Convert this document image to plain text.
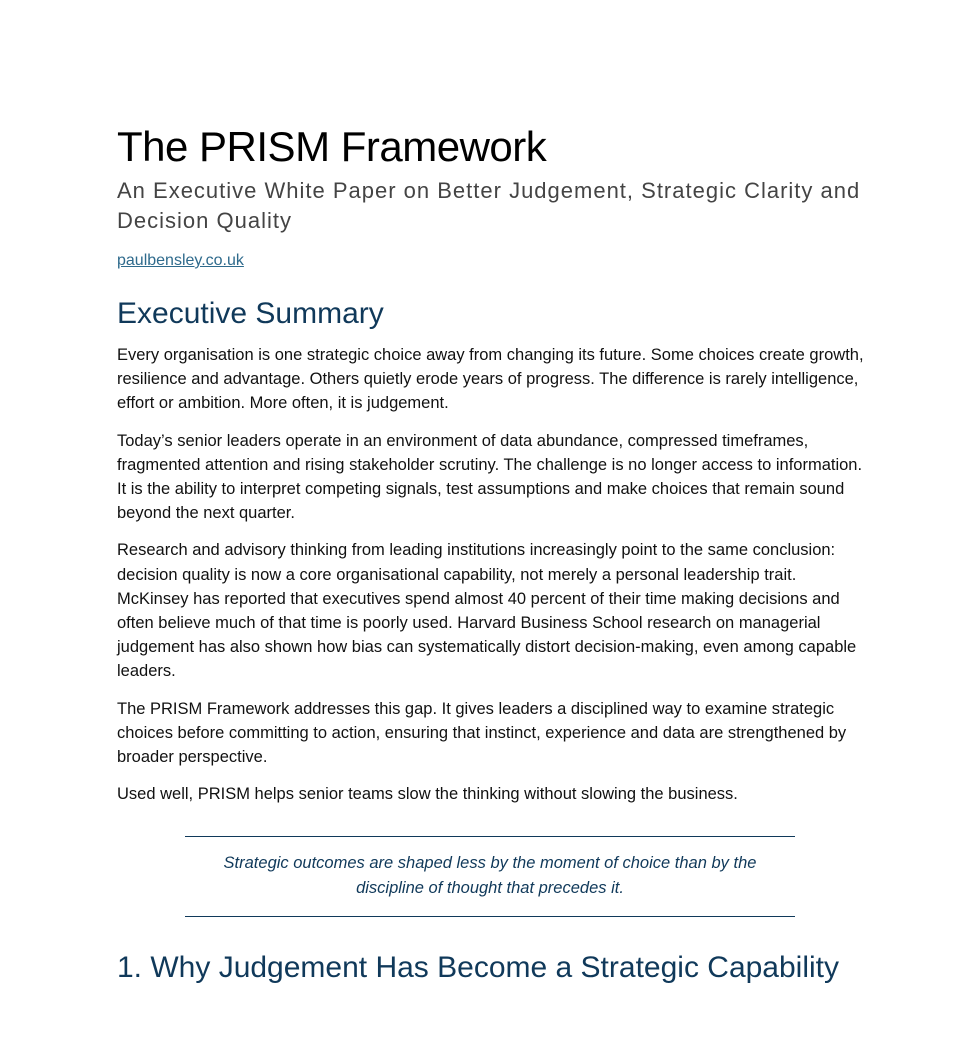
The PRISM Framework
An Executive White Paper on Better Judgement, Strategic Clarity and Decision Quality
paulbensley.co.uk
Executive Summary

Every organisation is one strategic choice away from changing its future. Some choices create growth, resilience and advantage. Others quietly erode years of progress. The difference is rarely intelligence, effort or ambition. More often, it is judgement.

Today’s senior leaders operate in an environment of data abundance, compressed timeframes, fragmented attention and rising stakeholder scrutiny. The challenge is no longer access to information. It is the ability to interpret competing signals, test assumptions and make choices that remain sound beyond the next quarter.

Research and advisory thinking from leading institutions increasingly point to the same conclusion: decision quality is now a core organisational capability, not merely a personal leadership trait. McKinsey has reported that executives spend almost 40 percent of their time making decisions and often believe much of that time is poorly used. Harvard Business School research on managerial judgement has also shown how bias can systematically distort decision-making, even among capable leaders.

The PRISM Framework addresses this gap. It gives leaders a disciplined way to examine strategic choices before committing to action, ensuring that instinct, experience and data are strengthened by broader perspective.

Used well, PRISM helps senior teams slow the thinking without slowing the business.

Strategic outcomes are shaped less by the moment of choice than by the discipline of thought that precedes it.

1. Why Judgement Has Become a Strategic Capability
